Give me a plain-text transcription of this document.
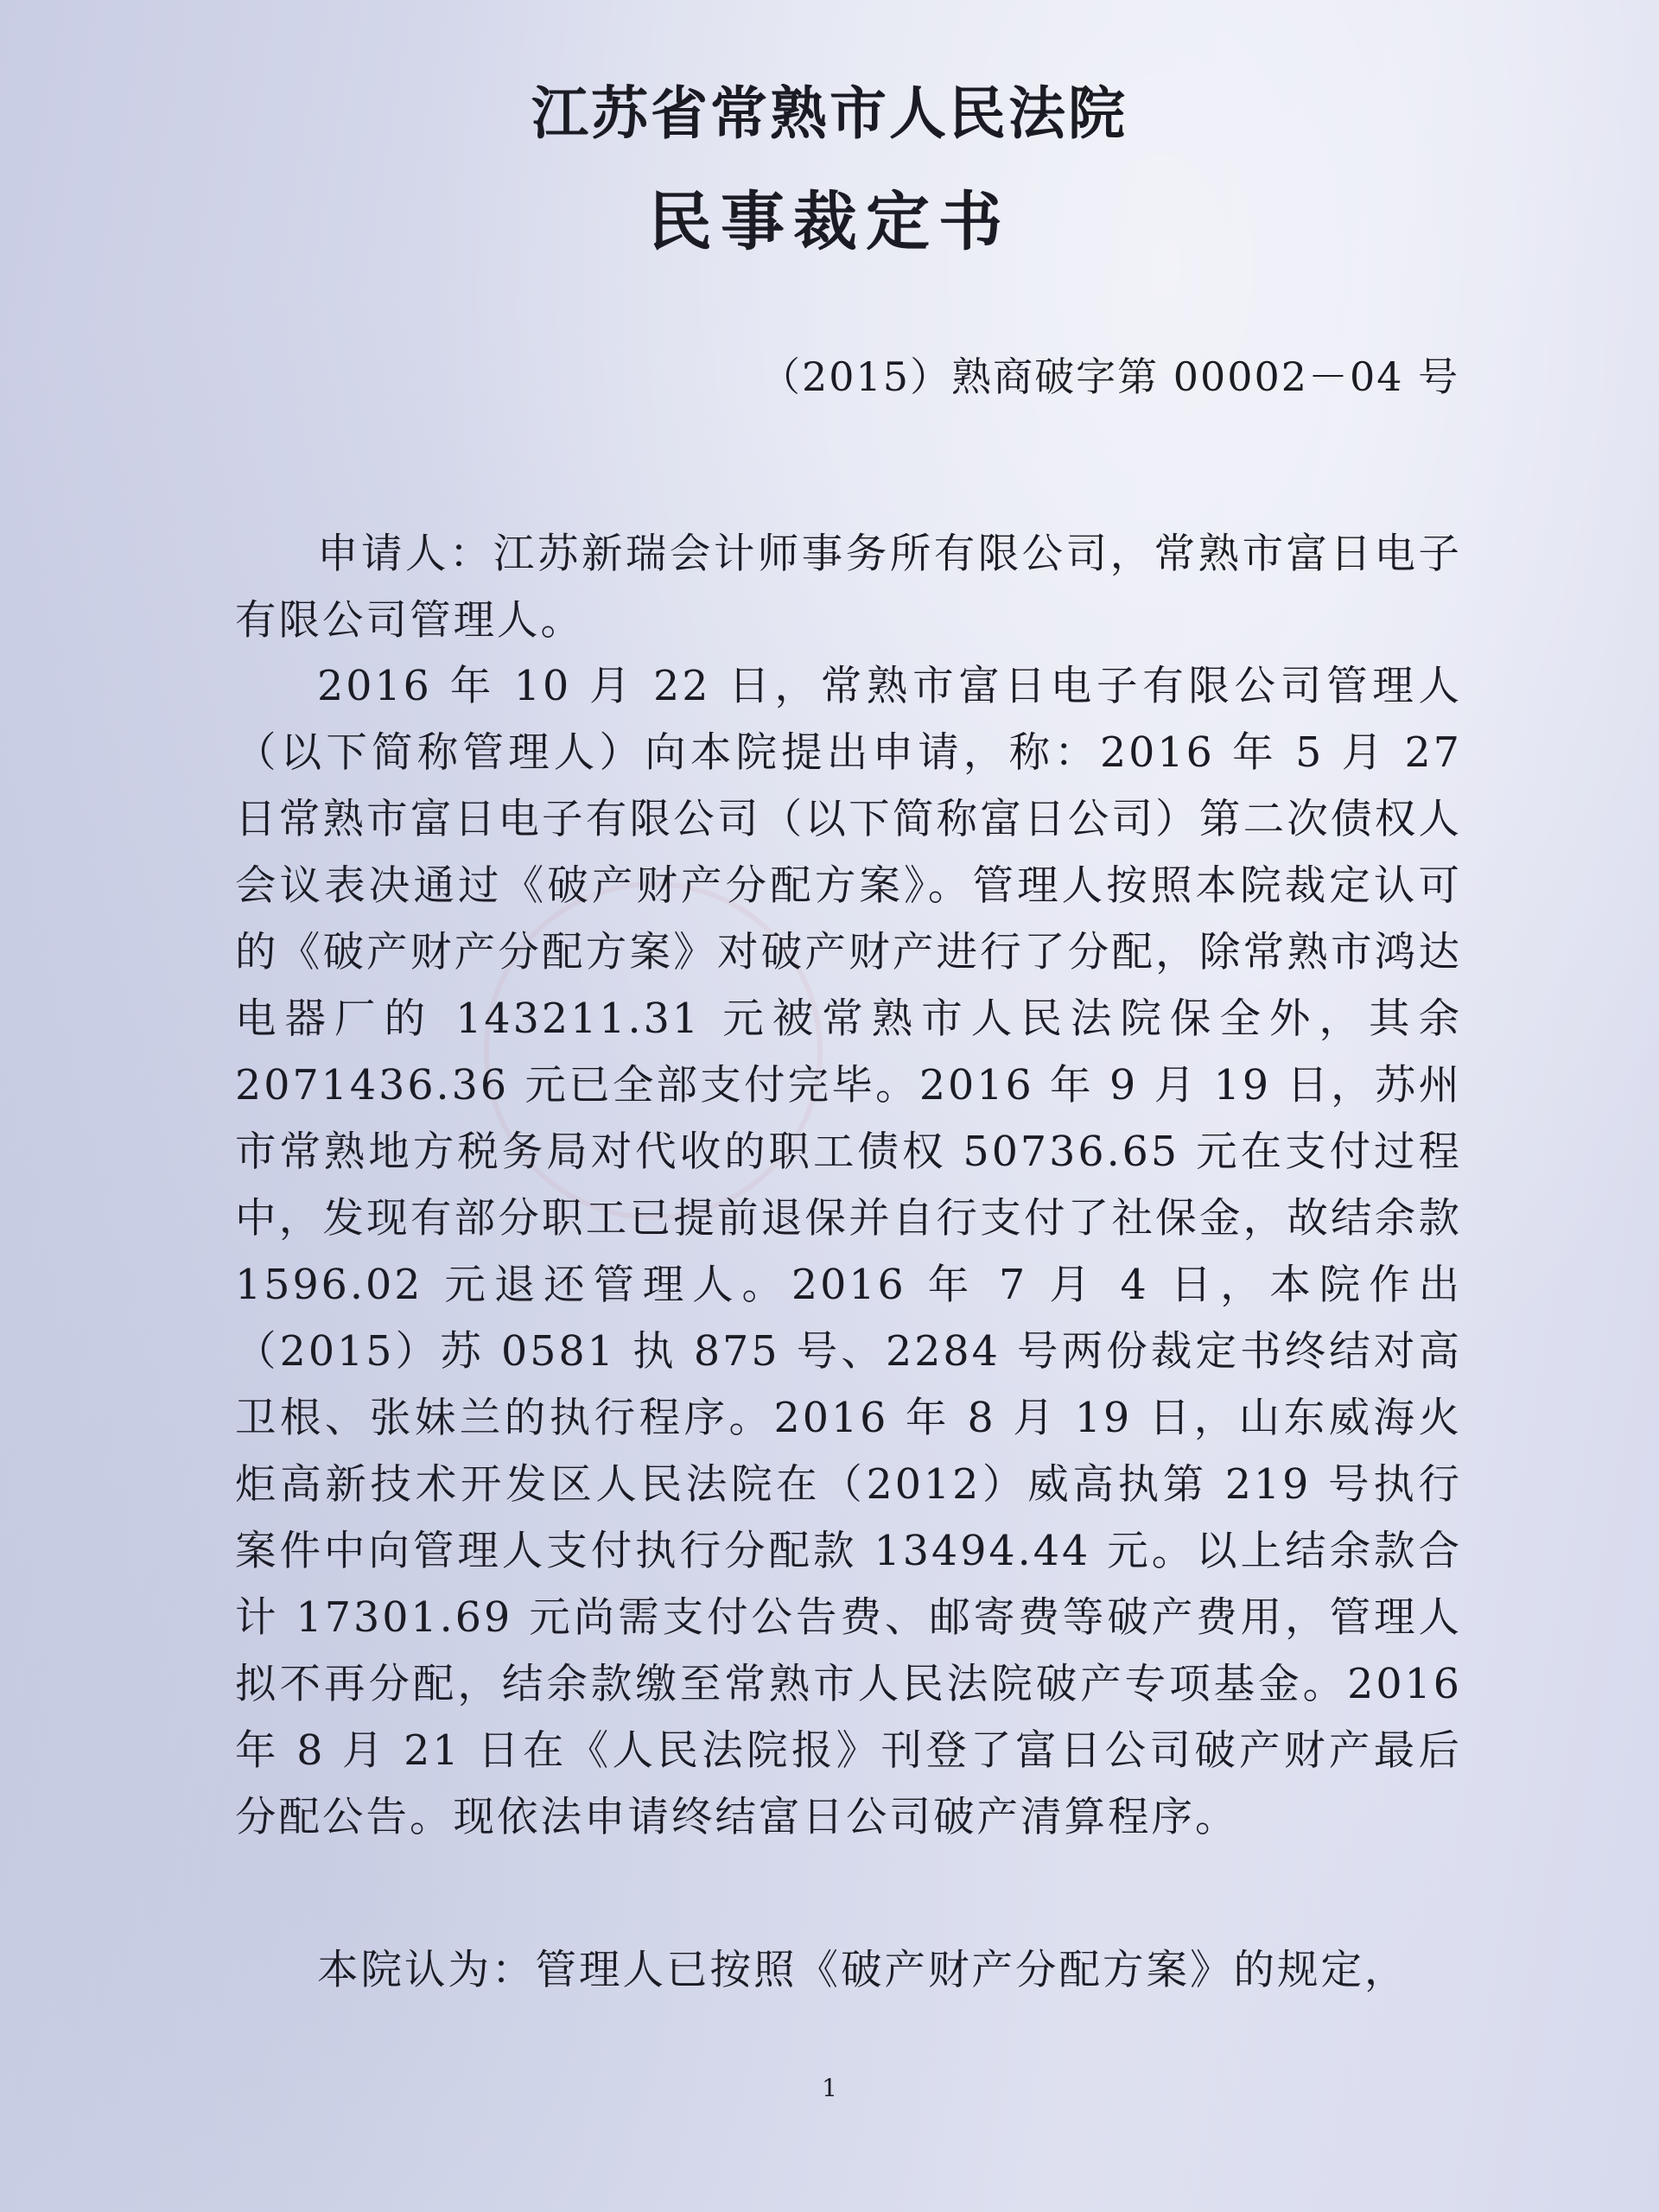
江苏省常熟市人民法院
民事裁定书
（2015）熟商破字第 00002－04 号
申请人：江苏新瑞会计师事务所有限公司，常熟市富日电子有限公司管理人。
2016 年 10 月 22 日，常熟市富日电子有限公司管理人（以下简称管理人）向本院提出申请，称：2016 年 5 月 27 日常熟市富日电子有限公司（以下简称富日公司）第二次债权人会议表决通过《破产财产分配方案》。管理人按照本院裁定认可的《破产财产分配方案》对破产财产进行了分配，除常熟市鸿达电器厂的 143211.31 元被常熟市人民法院保全外，其余 2071436.36 元已全部支付完毕。2016 年 9 月 19 日，苏州市常熟地方税务局对代收的职工债权 50736.65 元在支付过程中，发现有部分职工已提前退保并自行支付了社保金，故结余款 1596.02 元退还管理人。2016 年 7 月 4 日，本院作出（2015）苏 0581 执 875 号、2284 号两份裁定书终结对高卫根、张妹兰的执行程序。2016 年 8 月 19 日，山东威海火炬高新技术开发区人民法院在（2012）威高执第 219 号执行案件中向管理人支付执行分配款 13494.44 元。以上结余款合计 17301.69 元尚需支付公告费、邮寄费等破产费用，管理人拟不再分配，结余款缴至常熟市人民法院破产专项基金。2016 年 8 月 21 日在《人民法院报》刊登了富日公司破产财产最后分配公告。现依法申请终结富日公司破产清算程序。
本院认为：管理人已按照《破产财产分配方案》的规定，
1
